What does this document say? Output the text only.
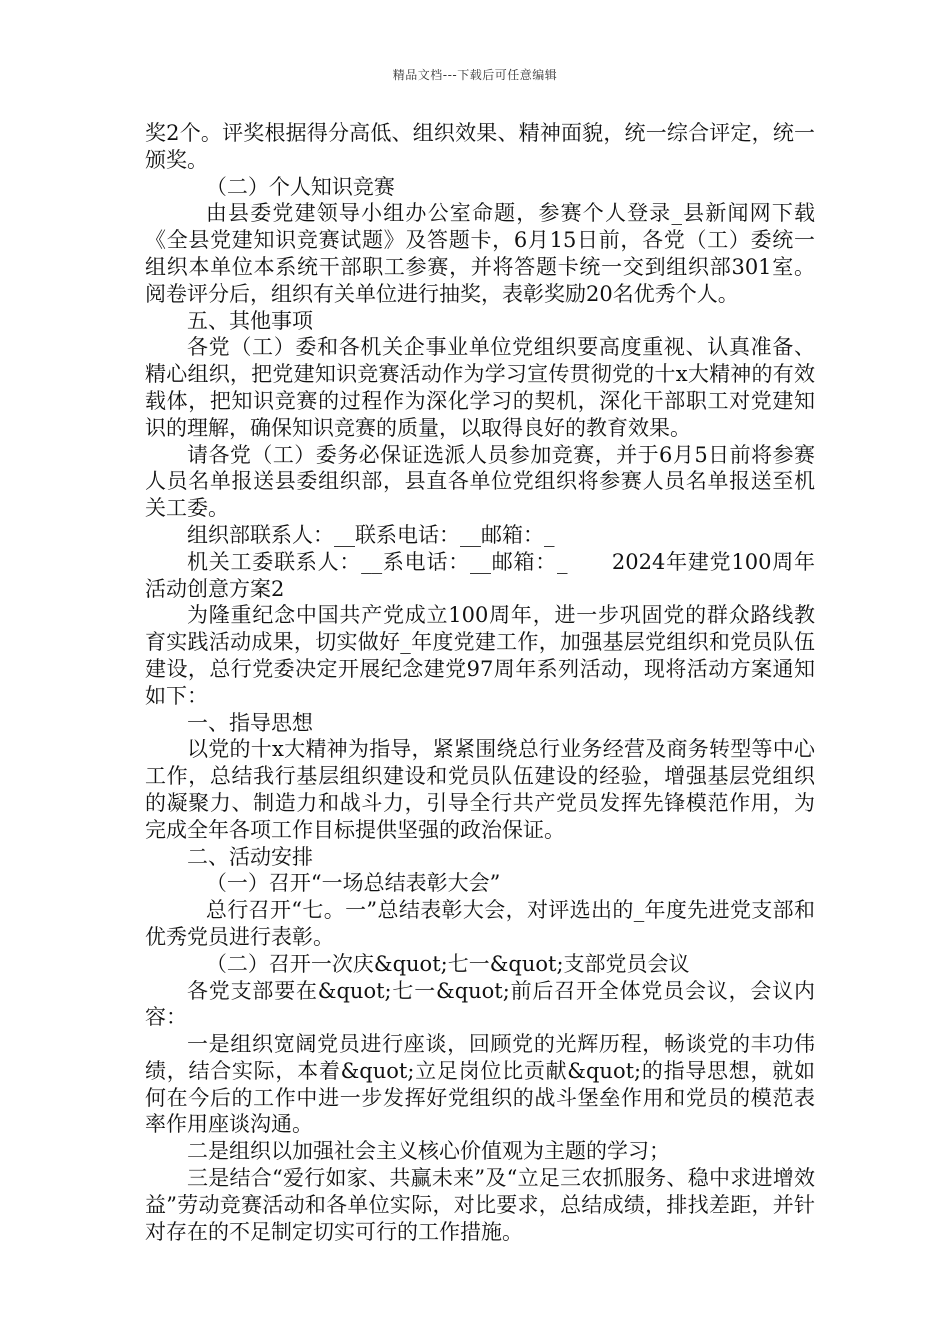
精品文档---下载后可任意编辑

奖2个。评奖根据得分高低、组织效果、精神面貌，统一综合评定，统一颁奖。

（二）个人知识竞赛

由县委党建领导小组办公室命题，参赛个人登录_县新闻网下载《全县党建知识竞赛试题》及答题卡，6月15日前，各党（工）委统一组织本单位本系统干部职工参赛，并将答题卡统一交到组织部301室。阅卷评分后，组织有关单位进行抽奖，表彰奖励20名优秀个人。

五、其他事项

各党（工）委和各机关企事业单位党组织要高度重视、认真准备、精心组织，把党建知识竞赛活动作为学习宣传贯彻党的十x大精神的有效载体，把知识竞赛的过程作为深化学习的契机，深化干部职工对党建知识的理解，确保知识竞赛的质量，以取得良好的教育效果。

请各党（工）委务必保证选派人员参加竞赛，并于6月5日前将参赛人员名单报送县委组织部，县直各单位党组织将参赛人员名单报送至机关工委。

组织部联系人：__联系电话：__邮箱：_

机关工委联系人：__系电话：__邮箱：_　　2024年建党100周年活动创意方案2

为隆重纪念中国共产党成立100周年，进一步巩固党的群众路线教育实践活动成果，切实做好_年度党建工作，加强基层党组织和党员队伍建设，总行党委决定开展纪念建党97周年系列活动，现将活动方案通知如下：

一、指导思想

以党的十x大精神为指导，紧紧围绕总行业务经营及商务转型等中心工作，总结我行基层组织建设和党员队伍建设的经验，增强基层党组织的凝聚力、制造力和战斗力，引导全行共产党员发挥先锋模范作用，为完成全年各项工作目标提供坚强的政治保证。

二、活动安排

（一）召开“一场总结表彰大会”

总行召开“七。一”总结表彰大会，对评选出的_年度先进党支部和优秀党员进行表彰。

（二）召开一次庆&quot;七一&quot;支部党员会议

各党支部要在&quot;七一&quot;前后召开全体党员会议，会议内容：

一是组织宽阔党员进行座谈，回顾党的光辉历程，畅谈党的丰功伟绩，结合实际，本着&quot;立足岗位比贡献&quot;的指导思想，就如何在今后的工作中进一步发挥好党组织的战斗堡垒作用和党员的模范表率作用座谈沟通。

二是组织以加强社会主义核心价值观为主题的学习；

三是结合“爱行如家、共赢未来”及“立足三农抓服务、稳中求进增效益”劳动竞赛活动和各单位实际，对比要求，总结成绩，排找差距，并针对存在的不足制定切实可行的工作措施。
